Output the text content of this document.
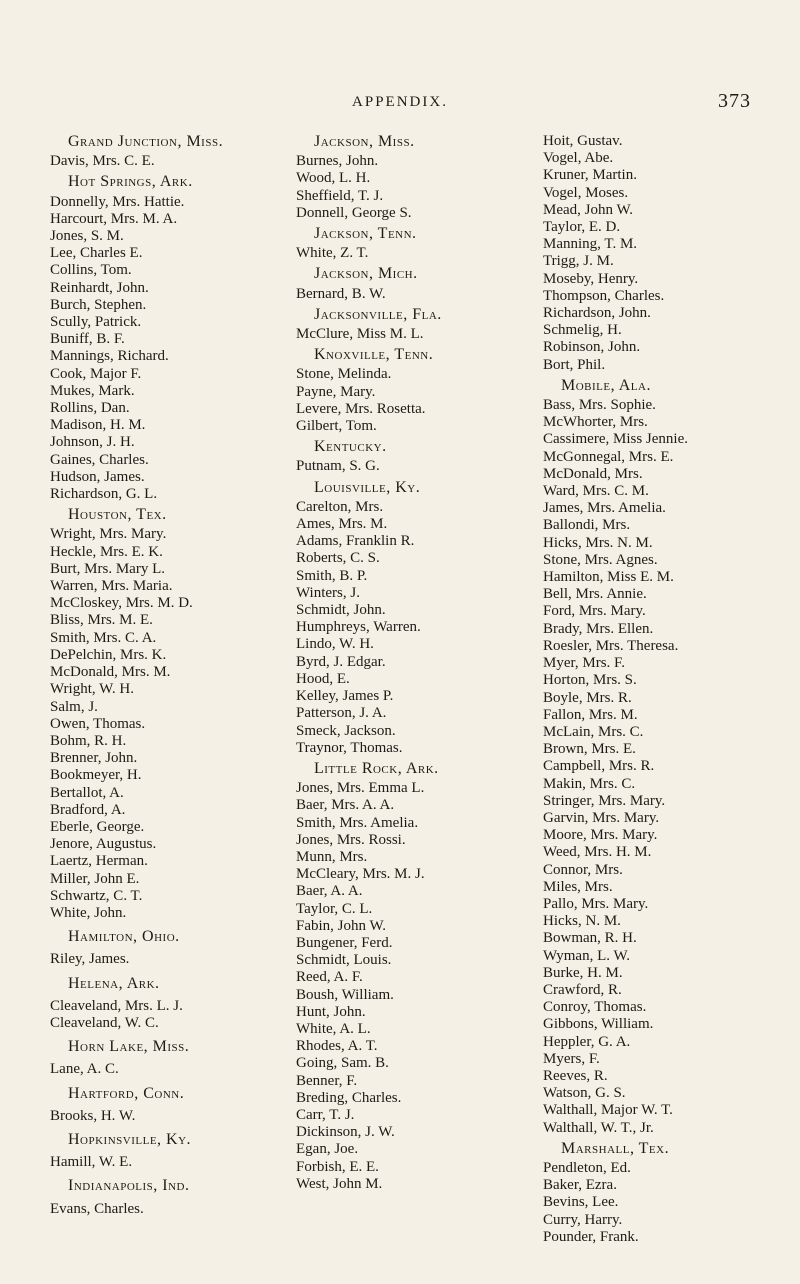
APPENDIX.	373
Grand Junction, Miss.
Davis, Mrs. C. E.
Hot Springs, Ark.
Donnelly, Mrs. Hattie.
Harcourt, Mrs. M. A.
Jones, S. M.
Lee, Charles E.
Collins, Tom.
Reinhardt, John.
Burch, Stephen.
Scully, Patrick.
Buniff, B. F.
Mannings, Richard.
Cook, Major F.
Mukes, Mark.
Rollins, Dan.
Madison, H. M.
Johnson, J. H.
Gaines, Charles.
Hudson, James.
Richardson, G. L.
Houston, Tex.
Wright, Mrs. Mary.
Heckle, Mrs. E. K.
Burt, Mrs. Mary L.
Warren, Mrs. Maria.
McCloskey, Mrs. M. D.
Bliss, Mrs. M. E.
Smith, Mrs. C. A.
DePelchin, Mrs. K.
McDonald, Mrs. M.
Wright, W. H.
Salm, J.
Owen, Thomas.
Bohm, R. H.
Brenner, John.
Bookmeyer, H.
Bertallot, A.
Bradford, A.
Eberle, George.
Jenore, Augustus.
Laertz, Herman.
Miller, John E.
Schwartz, C. T.
White, John.
Hamilton, Ohio.
Riley, James.
Helena, Ark.
Cleaveland, Mrs. L. J.
Cleaveland, W. C.
Horn Lake, Miss.
Lane, A. C.
Hartford, Conn.
Brooks, H. W.
Hopkinsville, Ky.
Hamill, W. E.
Indianapolis, Ind.
Evans, Charles.
Jackson, Miss.
Burnes, John.
Wood, L. H.
Sheffield, T. J.
Donnell, George S.
Jackson, Tenn.
White, Z. T.
Jackson, Mich.
Bernard, B. W.
Jacksonville, Fla.
McClure, Miss M. L.
Knoxville, Tenn.
Stone, Melinda.
Payne, Mary.
Levere, Mrs. Rosetta.
Gilbert, Tom.
Kentucky.
Putnam, S. G.
Louisville, Ky.
Carelton, Mrs.
Ames, Mrs. M.
Adams, Franklin R.
Roberts, C. S.
Smith, B. P.
Winters, J.
Schmidt, John.
Humphreys, Warren.
Lindo, W. H.
Byrd, J. Edgar.
Hood, E.
Kelley, James P.
Patterson, J. A.
Smeck, Jackson.
Traynor, Thomas.
Little Rock, Ark.
Jones, Mrs. Emma L.
Baer, Mrs. A. A.
Smith, Mrs. Amelia.
Jones, Mrs. Rossi.
Munn, Mrs.
McCleary, Mrs. M. J.
Baer, A. A.
Taylor, C. L.
Fabin, John W.
Bungener, Ferd.
Schmidt, Louis.
Reed, A. F.
Boush, William.
Hunt, John.
White, A. L.
Rhodes, A. T.
Going, Sam. B.
Benner, F.
Breding, Charles.
Carr, T. J.
Dickinson, J. W.
Egan, Joe.
Forbish, E. E.
West, John M.
Hoit, Gustav.
Vogel, Abe.
Kruner, Martin.
Vogel, Moses.
Mead, John W.
Taylor, E. D.
Manning, T. M.
Trigg, J. M.
Moseby, Henry.
Thompson, Charles.
Richardson, John.
Schmelig, H.
Robinson, John.
Bort, Phil.
Mobile, Ala.
Bass, Mrs. Sophie.
McWhorter, Mrs.
Cassimere, Miss Jennie.
McGonnegal, Mrs. E.
McDonald, Mrs.
Ward, Mrs. C. M.
James, Mrs. Amelia.
Ballondi, Mrs.
Hicks, Mrs. N. M.
Stone, Mrs. Agnes.
Hamilton, Miss E. M.
Bell, Mrs. Annie.
Ford, Mrs. Mary.
Brady, Mrs. Ellen.
Roesler, Mrs. Theresa.
Myer, Mrs. F.
Horton, Mrs. S.
Boyle, Mrs. R.
Fallon, Mrs. M.
McLain, Mrs. C.
Brown, Mrs. E.
Campbell, Mrs. R.
Makin, Mrs. C.
Stringer, Mrs. Mary.
Garvin, Mrs. Mary.
Moore, Mrs. Mary.
Weed, Mrs. H. M.
Connor, Mrs.
Miles, Mrs.
Pallo, Mrs. Mary.
Hicks, N. M.
Bowman, R. H.
Wyman, L. W.
Burke, H. M.
Crawford, R.
Conroy, Thomas.
Gibbons, William.
Heppler, G. A.
Myers, F.
Reeves, R.
Watson, G. S.
Walthall, Major W. T.
Walthall, W. T., Jr.
Marshall, Tex.
Pendleton, Ed.
Baker, Ezra.
Bevins, Lee.
Curry, Harry.
Pounder, Frank.
